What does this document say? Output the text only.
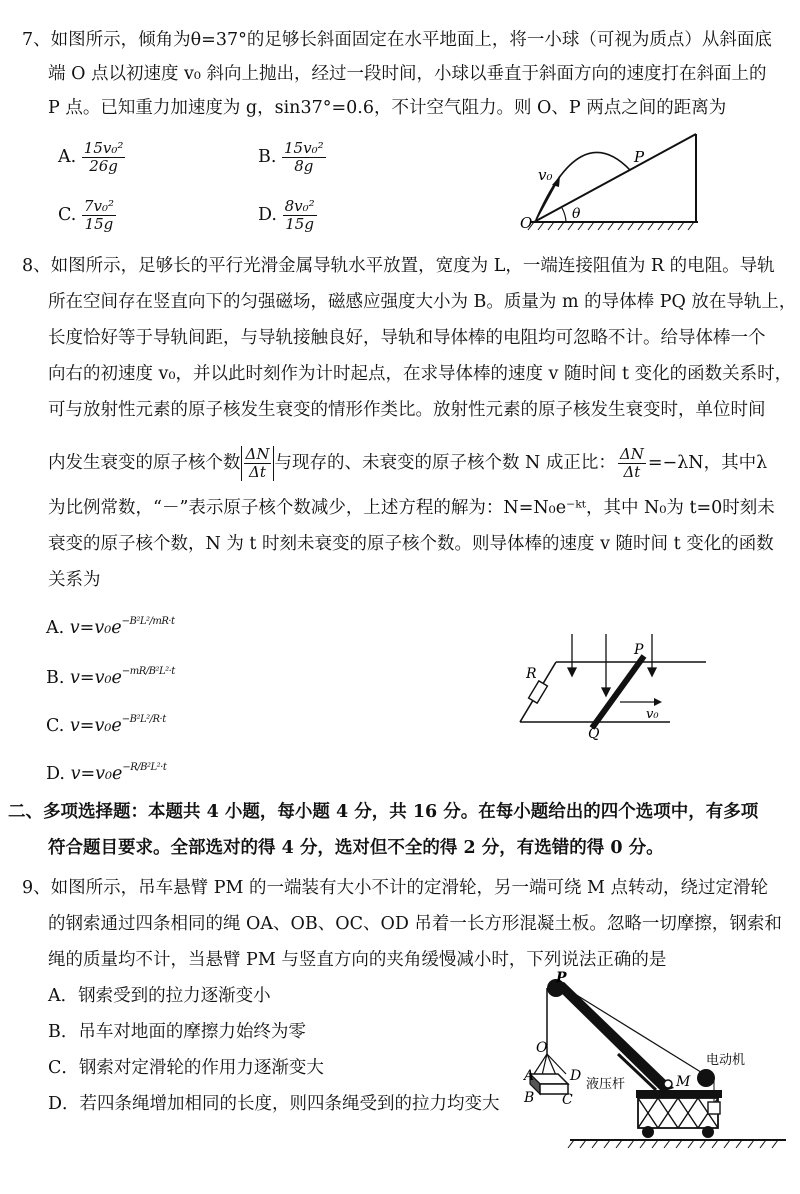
7、如图所示，倾角为θ=37°的足够长斜面固定在水平地面上，将一小球（可视为质点）从斜面底
端 O 点以初速度 v₀ 斜向上抛出，经过一段时间，小球以垂直于斜面方向的速度打在斜面上的
P 点。已知重力加速度为 g，sin37°=0.6，不计空气阻力。则 O、P 两点之间的距离为
A. $\frac{\text{15v₀²}}{26g}$	B. $\frac{\text{15v₀²}}{8g}$
C. $\frac{\text{7v₀²}}{15g}$	D. $\frac{\text{8v₀²}}{15g}$
v₀
P
O	θ
8、如图所示，足够长的平行光滑金属导轨水平放置，宽度为 L，一端连接阻值为 R 的电阻。导轨
所在空间存在竖直向下的匀强磁场，磁感应强度大小为 B。质量为 m 的导体棒 PQ 放在导轨上，
长度恰好等于导轨间距，与导轨接触良好，导轨和导体棒的电阻均可忽略不计。给导体棒一个
向右的初速度 v₀，并以此时刻作为计时起点，在求导体棒的速度 v 随时间 t 变化的函数关系时，
可与放射性元素的原子核发生衰变的情形作类比。放射性元素的原子核发生衰变时，单位时间
内发生衰变的原子核个数 $\frac{\Delta N}{\Delta t}$ 与现存的、未衰变的原子核个数 N 成正比： $\frac{\Delta N}{\Delta t} =-\lambda N$，其中λ
为比例常数，“－”表示原子核个数减少，上述方程的解为：N=N₀e⁻ᵏᵗ，其中 N₀为 t=0时刻未
衰变的原子核个数，N 为 t 时刻未衰变的原子核个数。则导体棒的速度 v 随时间 t 变化的函数
关系为
A. $v=v_0e^{-B^2L^2/mR\cdot t}$
B. $v=v_0e^{-mR/B^2L^2\cdot t}$
C. $v=v_0e^{-B^2L^2/R\cdot t}$
D. $v=v_0e^{-R/B^2L^2\cdot t}$
R
P
Q
v₀
二、多项选择题：本题共 4 小题，每小题 4 分，共 16 分。在每小题给出的四个选项中，有多项
符合题目要求。全部选对的得 4 分，选对但不全的得 2 分，有选错的得 0 分。
9、如图所示，吊车悬臂 PM 的一端装有大小不计的定滑轮，另一端可绕 M 点转动，绕过定滑轮
的钢索通过四条相同的绳 OA、OB、OC、OD 吊着一长方形混凝土板。忽略一切摩擦，钢索和
绳的质量均不计，当悬臂 PM 与竖直方向的夹角缓慢减小时，下列说法正确的是
A．钢索受到的拉力逐渐变小
B．吊车对地面的摩擦力始终为零
C．钢索对定滑轮的作用力逐渐变大
D．若四条绳增加相同的长度，则四条绳受到的拉力均变大
P
O
A
B C
D	M
电动机
液压杆
